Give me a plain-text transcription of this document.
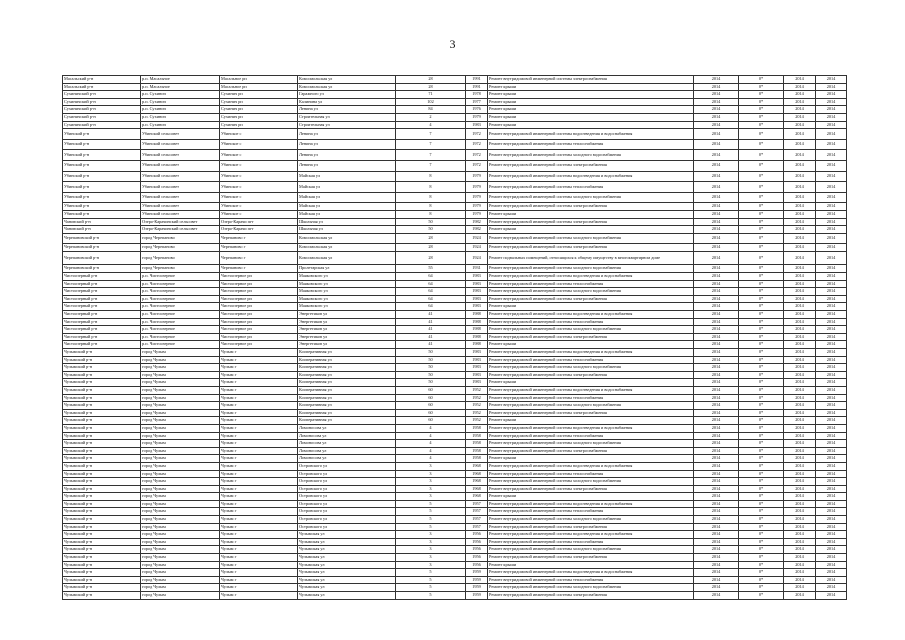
3
Масальский р-н	р.п. Масальное	Масальное рп	Комсомольская ул	28	1991	Ремонт внутридомовой инженерной системы электроснабжения	2014	0*	2014	2014
Масальский р-н	р.п. Масальное	Масальное рп	Комсомольская ул	28	1991	Ремонт крыши	2014	0*	2014	2014
Сухиничский р-н	р.п. Сухинич	Сухинич рп	Гаражного ул	71	1978	Ремонт крыши	2014	0*	2014	2014
Сухиничский р-н	р.п. Сухинич	Сухинич рп	Калинина ул	102	1977	Ремонт крыши	2014	0*	2014	2014
Сухиничский р-н	р.п. Сухинич	Сухинич рп	Ленина ул	84	1976	Ремонт крыши	2014	0*	2014	2014
Сухиничский р-н	р.п. Сухинич	Сухинич рп	Строительная ул	2	1979	Ремонт крыши	2014	0*	2014	2014
Сухиничский р-н	р.п. Сухинич	Сухинич рп	Строительная ул	4	1983	Ремонт крыши	2014	0*	2014	2014
Убинский р-н	Убинский сельсовет	Убинское с	Ленина ул	7	1972	Ремонт внутридомовой инженерной системы водоотведения и водоснабжения	2014	0*	2014	2014
Убинский р-н	Убинский сельсовет	Убинское с	Ленина ул	7	1972	Ремонт внутридомовой инженерной системы теплоснабжения	2014	0*	2014	2014
Убинский р-н	Убинский сельсовет	Убинское с	Ленина ул	7	1972	Ремонт внутридомовой инженерной системы холодного водоснабжения	2014	0*	2014	2014
Убинский р-н	Убинский сельсовет	Убинское с	Ленина ул	7	1972	Ремонт внутридомовой инженерной системы электроснабжения	2014	0*	2014	2014
Убинский р-н	Убинский сельсовет	Убинское с	Майская ул	8	1979	Ремонт внутридомовой инженерной системы водоотведения и водоснабжения	2014	0*	2014	2014
Убинский р-н	Убинский сельсовет	Убинское с	Майская ул	8	1979	Ремонт внутридомовой инженерной системы теплоснабжения	2014	0*	2014	2014
Убинский р-н	Убинский сельсовет	Убинское с	Майская ул	8	1979	Ремонт внутридомовой инженерной системы холодного водоснабжения	2014	0*	2014	2014
Убинский р-н	Убинский сельсовет	Убинское с	Майская ул	8	1979	Ремонт внутридомовой инженерной системы электроснабжения	2014	0*	2014	2014
Убинский р-н	Убинский сельсовет	Убинское с	Майская ул	8	1979	Ремонт крыши	2014	0*	2014	2014
Чановский р-н	Озеро-Карачинский сельсовет	Озеро-Карачи пгт	Школьная ул	50	1982	Ремонт внутридомовой инженерной системы электроснабжения	2014	0*	2014	2014
Чановский р-н	Озеро-Карачинский сельсовет	Озеро-Карачи пгт	Школьная ул	50	1982	Ремонт крыши	2014	0*	2014	2014
Черепановский р-н	город Черепаново	Черепаново г	Комсомольская ул	28	1924	Ремонт внутридомовой инженерной системы холодного водоснабжения	2014	0*	2014	2014
Черепановский р-н	город Черепаново	Черепаново г	Комсомольская ул	28	1924	Ремонт внутридомовой инженерной системы электроснабжения	2014	0*	2014	2014
Черепановский р-н	город Черепаново	Черепаново г	Комсомольская ул	28	1924	Ремонт подвальных помещений, относящихся к общему имуществу в многоквартирном доме	2014	0*	2014	2014
Черепановский р-н	город Черепаново	Черепаново г	Пролетарская ул	55	1931	Ремонт внутридомовой инженерной системы холодного водоснабжения	2014	0*	2014	2014
Чистоозерный р-н	р.п. Чистоозерное	Чистоозерное рп	Маяковского ул	64	1983	Ремонт внутридомовой инженерной системы водоотведения и водоснабжения	2014	0*	2014	2014
Чистоозерный р-н	р.п. Чистоозерное	Чистоозерное рп	Маяковского ул	64	1983	Ремонт внутридомовой инженерной системы теплоснабжения	2014	0*	2014	2014
Чистоозерный р-н	р.п. Чистоозерное	Чистоозерное рп	Маяковского ул	64	1983	Ремонт внутридомовой инженерной системы холодного водоснабжения	2014	0*	2014	2014
Чистоозерный р-н	р.п. Чистоозерное	Чистоозерное рп	Маяковского ул	64	1983	Ремонт внутридомовой инженерной системы электроснабжения	2014	0*	2014	2014
Чистоозерный р-н	р.п. Чистоозерное	Чистоозерное рп	Маяковского ул	64	1983	Ремонт крыши	2014	0*	2014	2014
Чистоозерный р-н	р.п. Чистоозерное	Чистоозерное рп	Энергетиков ул	41	1988	Ремонт внутридомовой инженерной системы водоотведения и водоснабжения	2014	0*	2014	2014
Чистоозерный р-н	р.п. Чистоозерное	Чистоозерное рп	Энергетиков ул	41	1988	Ремонт внутридомовой инженерной системы теплоснабжения	2014	0*	2014	2014
Чистоозерный р-н	р.п. Чистоозерное	Чистоозерное рп	Энергетиков ул	41	1988	Ремонт внутридомовой инженерной системы холодного водоснабжения	2014	0*	2014	2014
Чистоозерный р-н	р.п. Чистоозерное	Чистоозерное рп	Энергетиков ул	41	1988	Ремонт внутридомовой инженерной системы электроснабжения	2014	0*	2014	2014
Чистоозерный р-н	р.п. Чистоозерное	Чистоозерное рп	Энергетиков ул	41	1988	Ремонт крыши	2014	0*	2014	2014
Чулымский р-н	город Чулым	Чулым г	Кооперативная ул	50	1983	Ремонт внутридомовой инженерной системы водоотведения и водоснабжения	2014	0*	2014	2014
Чулымский р-н	город Чулым	Чулым г	Кооперативная ул	50	1983	Ремонт внутридомовой инженерной системы теплоснабжения	2014	0*	2014	2014
Чулымский р-н	город Чулым	Чулым г	Кооперативная ул	50	1983	Ремонт внутридомовой инженерной системы холодного водоснабжения	2014	0*	2014	2014
Чулымский р-н	город Чулым	Чулым г	Кооперативная ул	50	1983	Ремонт внутридомовой инженерной системы электроснабжения	2014	0*	2014	2014
Чулымский р-н	город Чулым	Чулым г	Кооперативная ул	50	1983	Ремонт крыши	2014	0*	2014	2014
Чулымский р-н	город Чулым	Чулым г	Кооперативная ул	60	1952	Ремонт внутридомовой инженерной системы водоотведения и водоснабжения	2014	0*	2014	2014
Чулымский р-н	город Чулым	Чулым г	Кооперативная ул	60	1952	Ремонт внутридомовой инженерной системы теплоснабжения	2014	0*	2014	2014
Чулымский р-н	город Чулым	Чулым г	Кооперативная ул	60	1952	Ремонт внутридомовой инженерной системы холодного водоснабжения	2014	0*	2014	2014
Чулымский р-н	город Чулым	Чулым г	Кооперативная ул	60	1952	Ремонт внутридомовой инженерной системы электроснабжения	2014	0*	2014	2014
Чулымский р-н	город Чулым	Чулым г	Кооперативная ул	60	1952	Ремонт крыши	2014	0*	2014	2014
Чулымский р-н	город Чулым	Чулым г	Ломоносова ул	4	1958	Ремонт внутридомовой инженерной системы водоотведения и водоснабжения	2014	0*	2014	2014
Чулымский р-н	город Чулым	Чулым г	Ломоносова ул	4	1958	Ремонт внутридомовой инженерной системы теплоснабжения	2014	0*	2014	2014
Чулымский р-н	город Чулым	Чулым г	Ломоносова ул	4	1958	Ремонт внутридомовой инженерной системы холодного водоснабжения	2014	0*	2014	2014
Чулымский р-н	город Чулым	Чулым г	Ломоносова ул	4	1958	Ремонт внутридомовой инженерной системы электроснабжения	2014	0*	2014	2014
Чулымский р-н	город Чулым	Чулым г	Ломоносова ул	4	1958	Ремонт крыши	2014	0*	2014	2014
Чулымский р-н	город Чулым	Чулым г	Островского ул	3	1968	Ремонт внутридомовой инженерной системы водоотведения и водоснабжения	2014	0*	2014	2014
Чулымский р-н	город Чулым	Чулым г	Островского ул	3	1968	Ремонт внутридомовой инженерной системы теплоснабжения	2014	0*	2014	2014
Чулымский р-н	город Чулым	Чулым г	Островского ул	3	1968	Ремонт внутридомовой инженерной системы холодного водоснабжения	2014	0*	2014	2014
Чулымский р-н	город Чулым	Чулым г	Островского ул	3	1968	Ремонт внутридомовой инженерной системы электроснабжения	2014	0*	2014	2014
Чулымский р-н	город Чулым	Чулым г	Островского ул	3	1968	Ремонт крыши	2014	0*	2014	2014
Чулымский р-н	город Чулым	Чулым г	Островского ул	5	1957	Ремонт внутридомовой инженерной системы водоотведения и водоснабжения	2014	0*	2014	2014
Чулымский р-н	город Чулым	Чулым г	Островского ул	5	1957	Ремонт внутридомовой инженерной системы теплоснабжения	2014	0*	2014	2014
Чулымский р-н	город Чулым	Чулым г	Островского ул	5	1957	Ремонт внутридомовой инженерной системы холодного водоснабжения	2014	0*	2014	2014
Чулымский р-н	город Чулым	Чулым г	Островского ул	5	1957	Ремонт внутридомовой инженерной системы электроснабжения	2014	0*	2014	2014
Чулымский р-н	город Чулым	Чулым г	Чулымская ул	3	1956	Ремонт внутридомовой инженерной системы водоотведения и водоснабжения	2014	0*	2014	2014
Чулымский р-н	город Чулым	Чулым г	Чулымская ул	3	1956	Ремонт внутридомовой инженерной системы теплоснабжения	2014	0*	2014	2014
Чулымский р-н	город Чулым	Чулым г	Чулымская ул	3	1956	Ремонт внутридомовой инженерной системы холодного водоснабжения	2014	0*	2014	2014
Чулымский р-н	город Чулым	Чулым г	Чулымская ул	3	1956	Ремонт внутридомовой инженерной системы электроснабжения	2014	0*	2014	2014
Чулымский р-н	город Чулым	Чулым г	Чулымская ул	3	1956	Ремонт крыши	2014	0*	2014	2014
Чулымский р-н	город Чулым	Чулым г	Чулымская ул	5	1959	Ремонт внутридомовой инженерной системы водоотведения и водоснабжения	2014	0*	2014	2014
Чулымский р-н	город Чулым	Чулым г	Чулымская ул	5	1959	Ремонт внутридомовой инженерной системы теплоснабжения	2014	0*	2014	2014
Чулымский р-н	город Чулым	Чулым г	Чулымская ул	5	1959	Ремонт внутридомовой инженерной системы холодного водоснабжения	2014	0*	2014	2014
Чулымский р-н	город Чулым	Чулым г	Чулымская ул	5	1959	Ремонт внутридомовой инженерной системы электроснабжения	2014	0*	2014	2014
